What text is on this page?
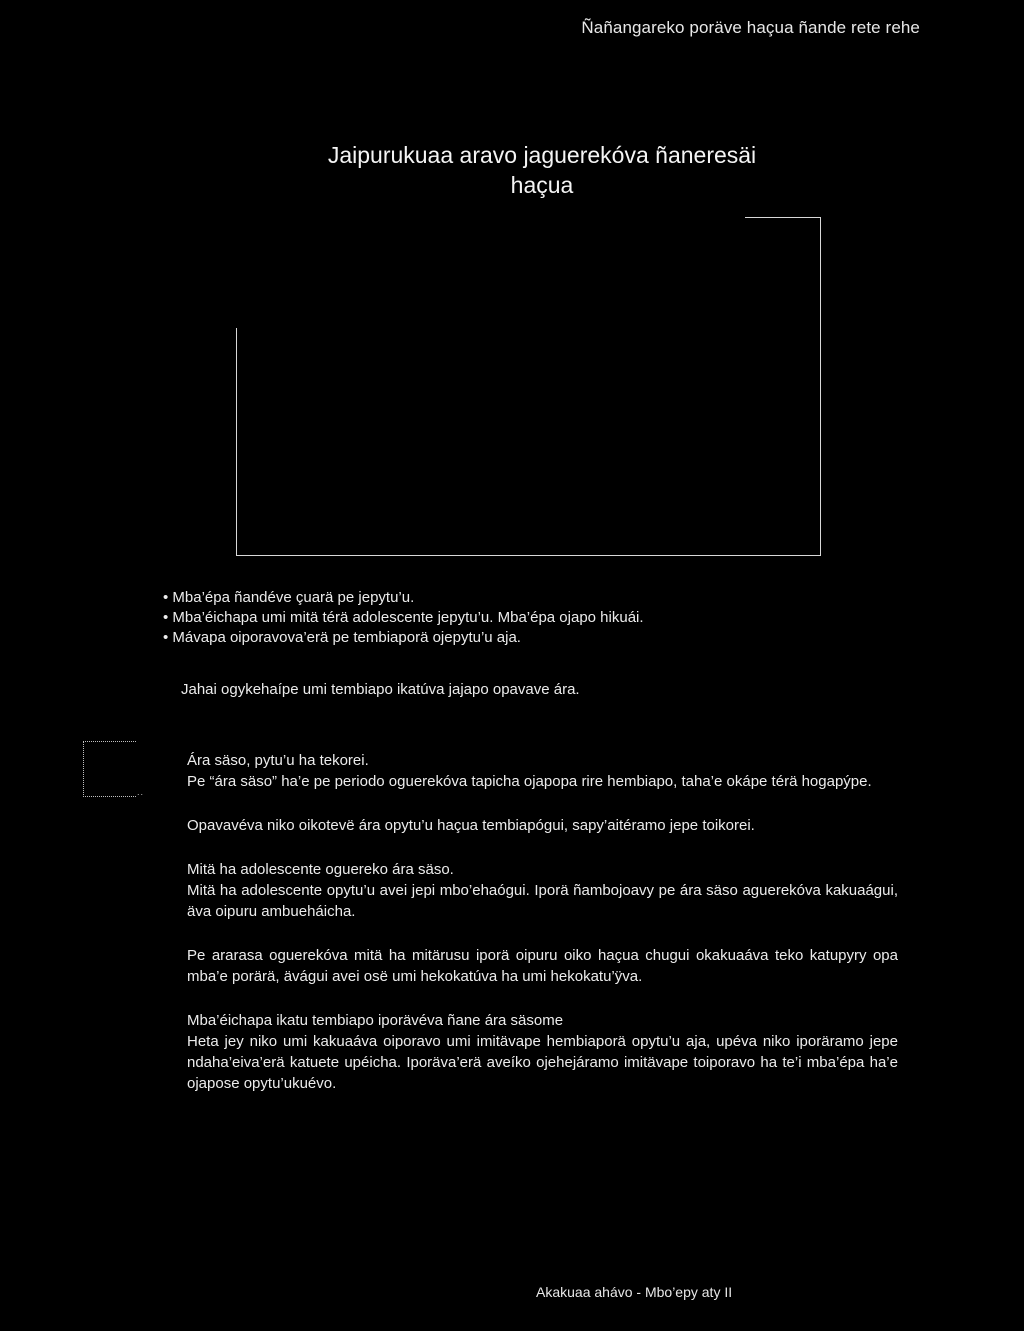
Ñañangareko poräve haçua ñande rete rehe
Jaipurukuaa aravo jaguerekóva ñaneresäi
haçua
• Mba’épa ñandéve çuarä pe jepytu’u.
• Mba’éichapa umi mitä térä adolescente jepytu’u. Mba’épa ojapo hikuái.
• Mávapa oiporavova’erä pe tembiaporä ojepytu’u aja.
Jahai ogykehaípe umi tembiapo ikatúva jajapo opavave ára.
..

Ára säso, pytu’u ha tekorei.
Pe “ára säso” ha’e pe periodo oguerekóva tapicha ojapopa rire hembiapo, taha’e okápe térä hogapýpe.

Opavavéva niko oikotevë ára opytu’u haçua tembiapógui, sapy’aitéramo jepe toikorei.

Mitä ha adolescente oguereko ára säso.
Mitä ha adolescente opytu’u avei jepi mbo’ehaógui. Iporä ñambojoavy pe ára säso aguerekóva kakuaágui, äva oipuru ambueháicha.

Pe ararasa oguerekóva mitä ha mitärusu iporä oipuru oiko haçua chugui okakuaáva teko katupyry opa mba’e porärä, ävágui avei osë umi hekokatúva ha umi hekokatu’ÿva.

Mba’éichapa ikatu tembiapo iporävéva ñane ára säsome
Heta jey niko umi kakuaáva oiporavo umi imitävape hembiaporä opytu’u aja, upéva niko iporäramo jepe ndaha’eiva’erä katuete upéicha. Iporäva’erä aveíko ojehejáramo imitävape toiporavo ha te’i mba’épa ha’e ojapose opytu’ukuévo.

Akakuaa ahávo - Mbo’epy aty II
